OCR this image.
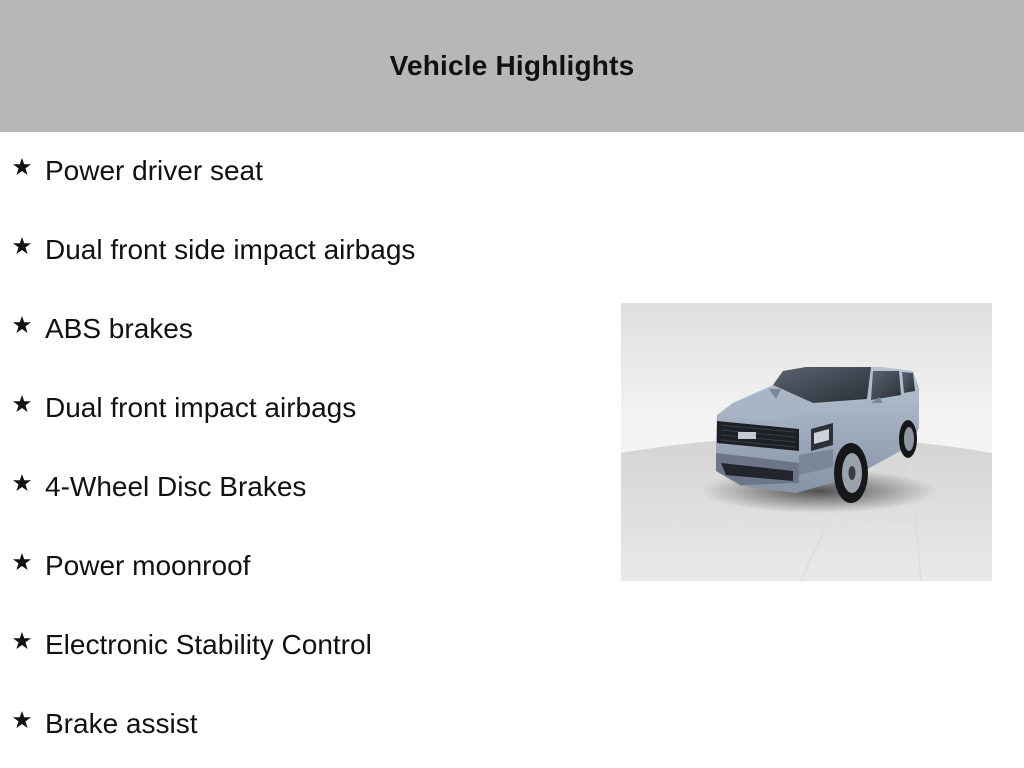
Vehicle Highlights
Power driver seat
Dual front side impact airbags
ABS brakes
Dual front impact airbags
4-Wheel Disc Brakes
Power moonroof
Electronic Stability Control
Brake assist
